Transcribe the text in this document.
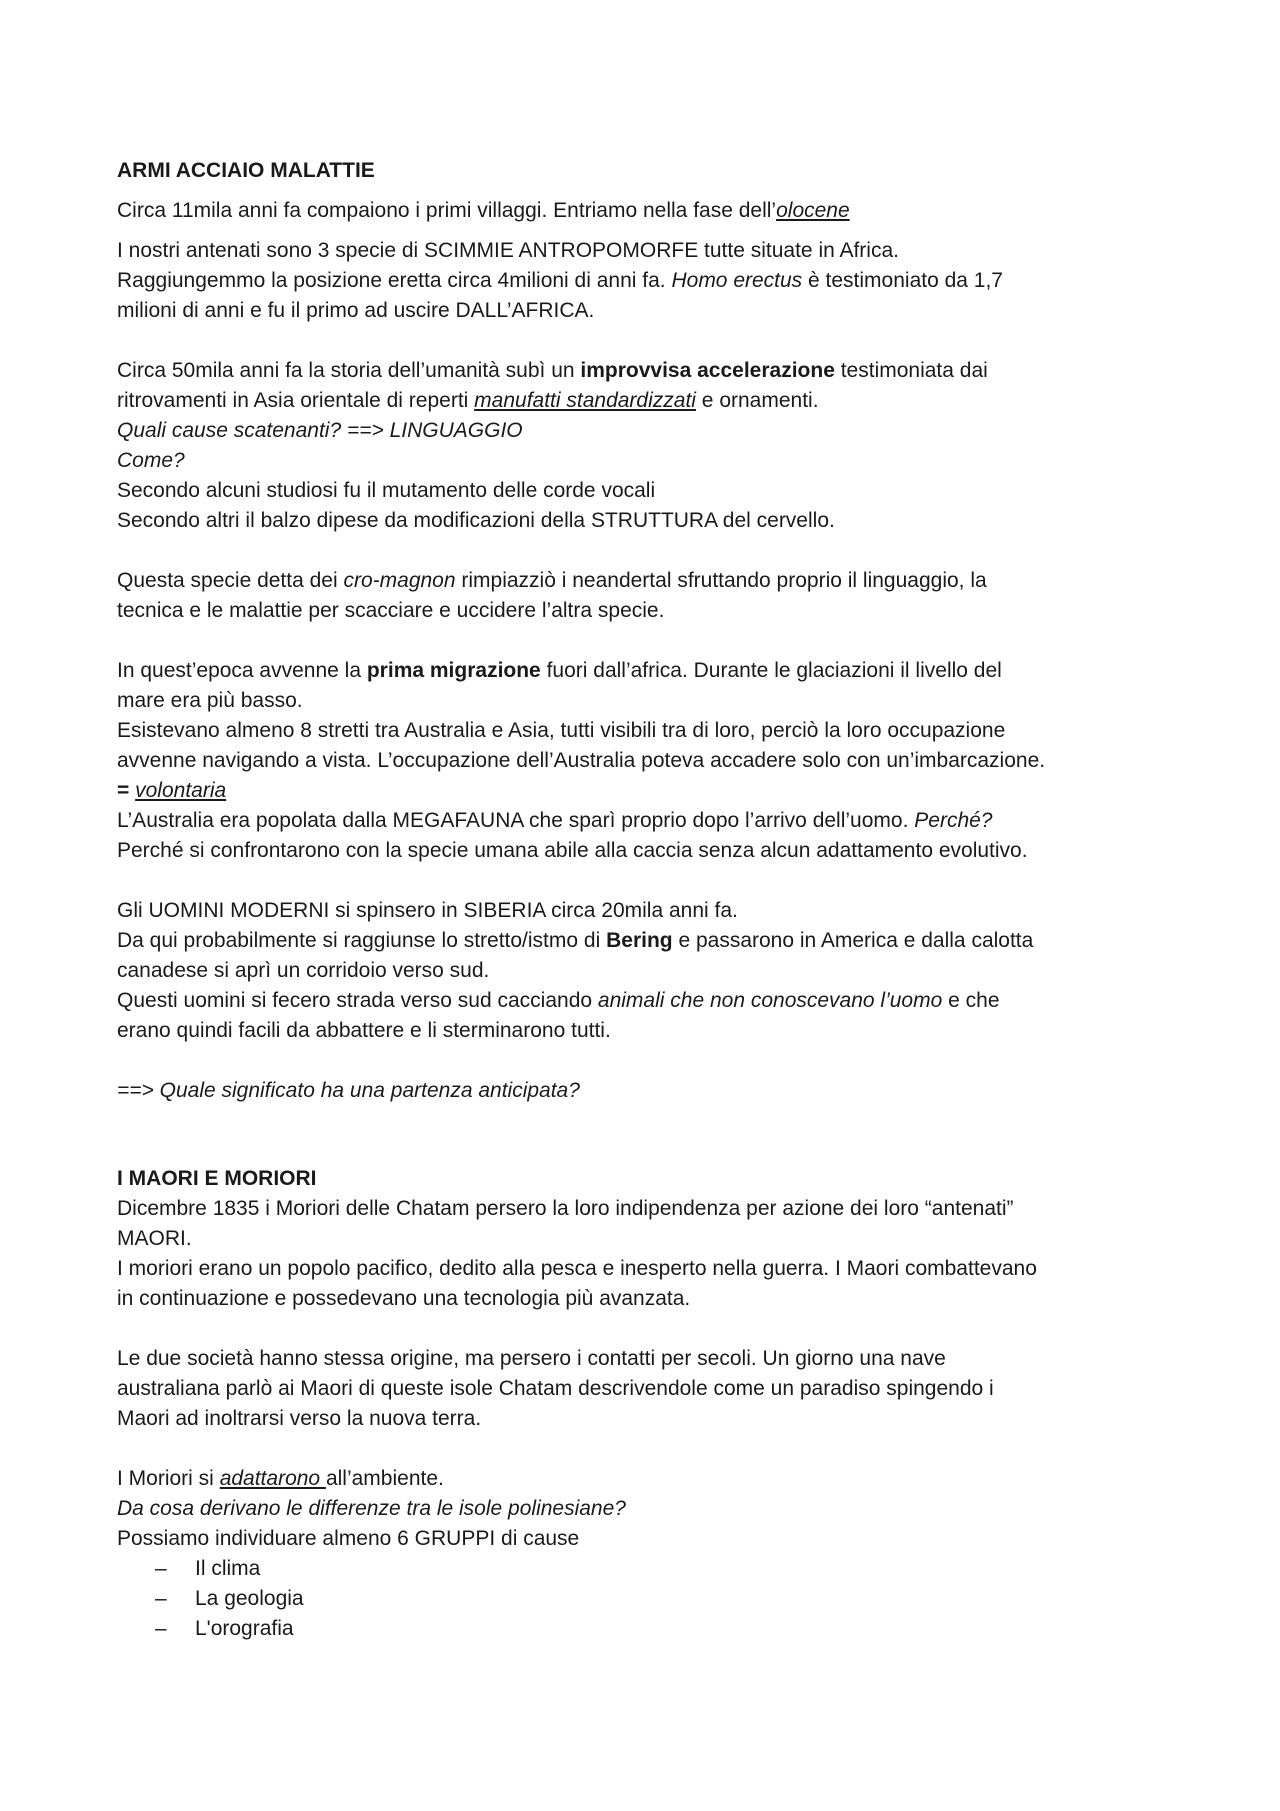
ARMI ACCIAIO MALATTIE

Circa 11mila anni fa compaiono i primi villaggi. Entriamo nella fase dell’olocene

I nostri antenati sono 3 specie di SCIMMIE ANTROPOMORFE tutte situate in Africa.

Raggiungemmo la posizione eretta circa 4milioni di anni fa. Homo erectus è testimoniato da 1,7

milioni di anni e fu il primo ad uscire DALL’AFRICA.

Circa 50mila anni fa la storia dell’umanità subì un improvvisa accelerazione testimoniata dai

ritrovamenti in Asia orientale di reperti manufatti standardizzati e ornamenti.

Quali cause scatenanti? ==> LINGUAGGIO

Come?

Secondo alcuni studiosi fu il mutamento delle corde vocali

Secondo altri il balzo dipese da modificazioni della STRUTTURA del cervello.

Questa specie detta dei cro-magnon rimpiazziò i neandertal sfruttando proprio il linguaggio, la

tecnica e le malattie per scacciare e uccidere l’altra specie.

In quest’epoca avvenne la prima migrazione fuori dall’africa. Durante le glaciazioni il livello del

mare era più basso.

Esistevano almeno 8 stretti tra Australia e Asia, tutti visibili tra di loro, perciò la loro occupazione

avvenne navigando a vista. L’occupazione dell’Australia poteva accadere solo con un’imbarcazione.

= volontaria

L’Australia era popolata dalla MEGAFAUNA che sparì proprio dopo l’arrivo dell’uomo. Perché?

Perché si confrontarono con la specie umana abile alla caccia senza alcun adattamento evolutivo.

Gli UOMINI MODERNI si spinsero in SIBERIA circa 20mila anni fa.

Da qui probabilmente si raggiunse lo stretto/istmo di Bering e passarono in America e dalla calotta

canadese si aprì un corridoio verso sud.

Questi uomini si fecero strada verso sud cacciando animali che non conoscevano l’uomo e che

erano quindi facili da abbattere e li sterminarono tutti.

==> Quale significato ha una partenza anticipata?

I MAORI E MORIORI

Dicembre 1835 i Moriori delle Chatam persero la loro indipendenza per azione dei loro “antenati”

MAORI.

I moriori erano un popolo pacifico, dedito alla pesca e inesperto nella guerra. I Maori combattevano

in continuazione e possedevano una tecnologia più avanzata.

Le due società hanno stessa origine, ma persero i contatti per secoli. Un giorno una nave

australiana parlò ai Maori di queste isole Chatam descrivendole come un paradiso spingendo i

Maori ad inoltrarsi verso la nuova terra.

I Moriori si adattarono all’ambiente.

Da cosa derivano le differenze tra le isole polinesiane?

Possiamo individuare almeno 6 GRUPPI di cause

– Il clima
– La geologia
– L'orografia
